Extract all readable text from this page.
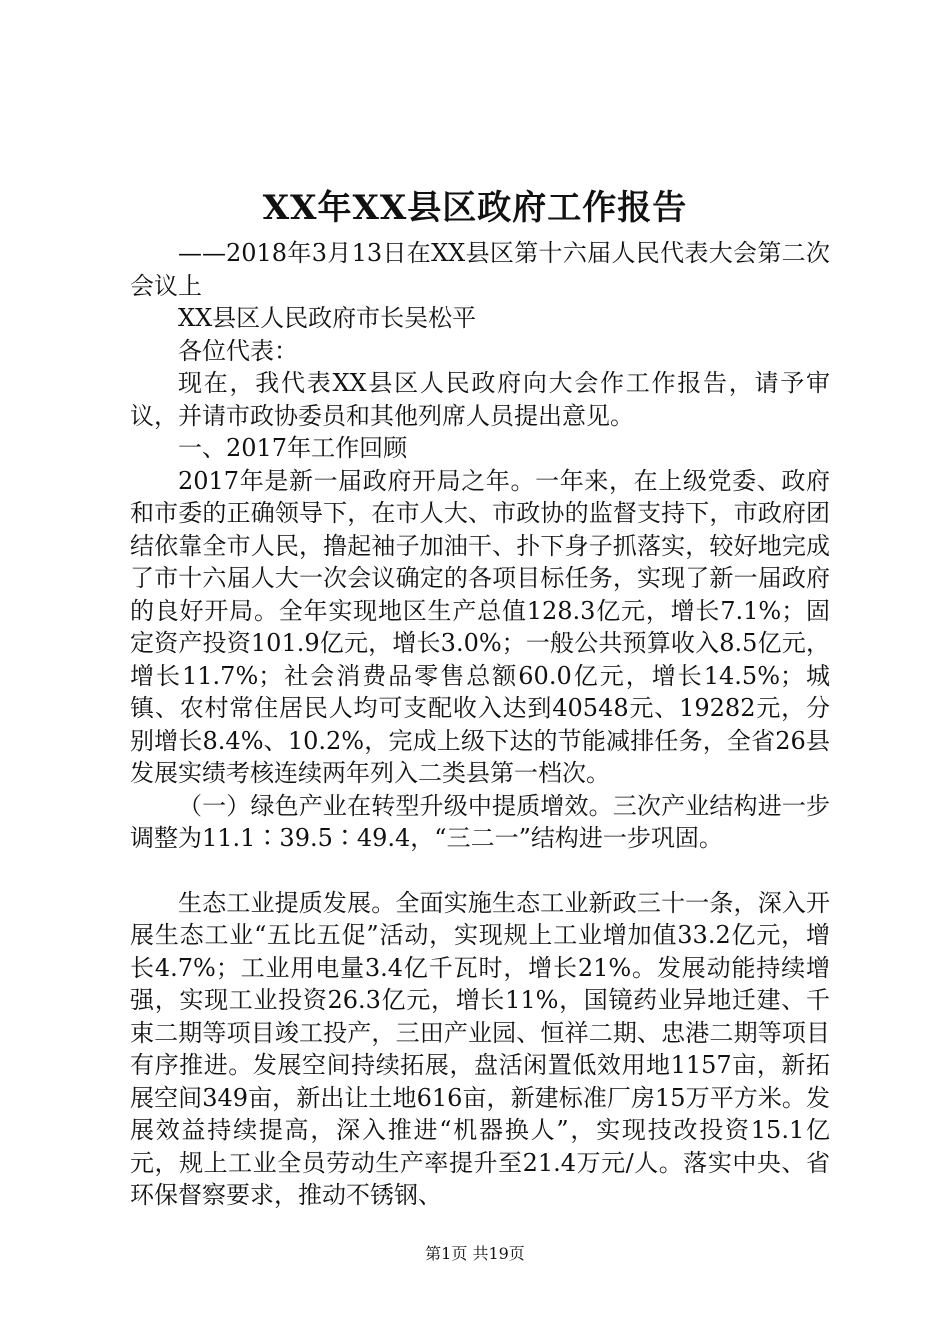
XX年XX县区政府工作报告

——2018年3月13日在XX县区第十六届人民代表大会第二次会议上

XX县区人民政府市长吴松平

各位代表：

现在，我代表XX县区人民政府向大会作工作报告，请予审议，并请市政协委员和其他列席人员提出意见。

一、2017年工作回顾

2017年是新一届政府开局之年。一年来，在上级党委、政府和市委的正确领导下，在市人大、市政协的监督支持下，市政府团结依靠全市人民，撸起袖子加油干、扑下身子抓落实，较好地完成了市十六届人大一次会议确定的各项目标任务，实现了新一届政府的良好开局。全年实现地区生产总值128.3亿元，增长7.1%；固定资产投资101.9亿元，增长3.0%；一般公共预算收入8.5亿元，增长11.7%；社会消费品零售总额60.0亿元，增长14.5%；城镇、农村常住居民人均可支配收入达到40548元、19282元，分别增长8.4%、10.2%，完成上级下达的节能减排任务，全省26县发展实绩考核连续两年列入二类县第一档次。

（一）绿色产业在转型升级中提质增效。三次产业结构进一步调整为11.1∶39.5∶49.4，“三二一”结构进一步巩固。

生态工业提质发展。全面实施生态工业新政三十一条，深入开展生态工业“五比五促”活动，实现规上工业增加值33.2亿元，增长4.7%；工业用电量3.4亿千瓦时，增长21%。发展动能持续增强，实现工业投资26.3亿元，增长11%，国镜药业异地迁建、千束二期等项目竣工投产，三田产业园、恒祥二期、忠港二期等项目有序推进。发展空间持续拓展，盘活闲置低效用地1157亩，新拓展空间349亩，新出让土地616亩，新建标准厂房15万平方米。发展效益持续提高，深入推进“机器换人”，实现技改投资15.1亿元，规上工业全员劳动生产率提升至21.4万元/人。落实中央、省环保督察要求，推动不锈钢、

第1页 共19页
